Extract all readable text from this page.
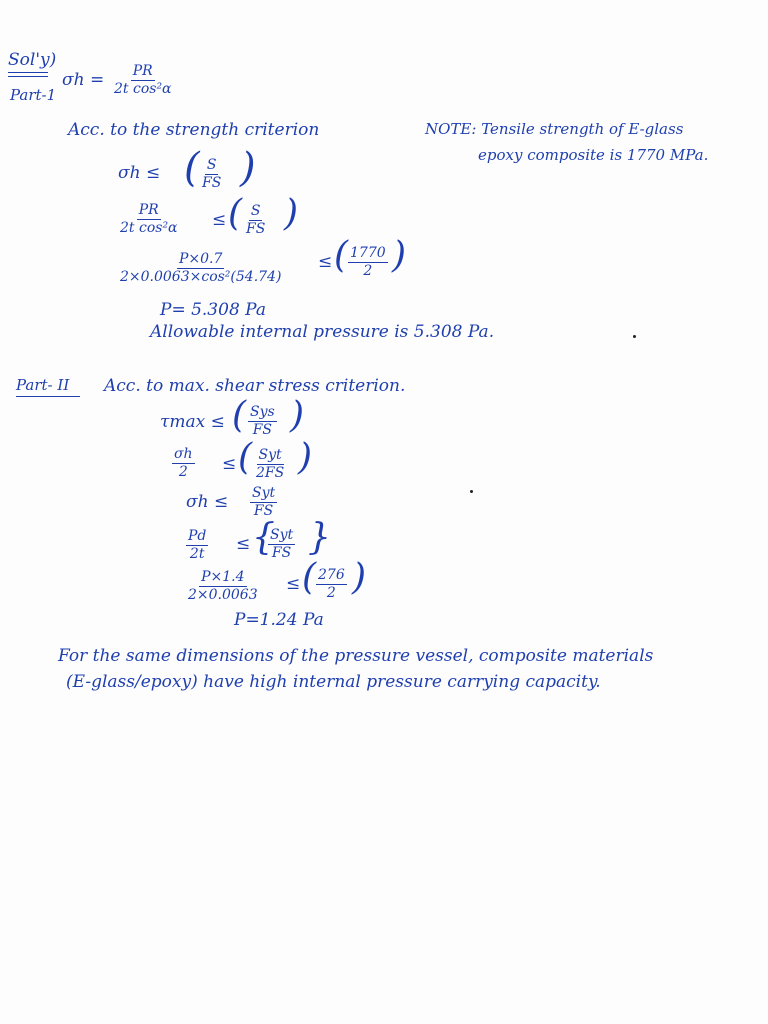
Sol'y)
Part-1
$\sigma h = \frac{PR}{\text{2t cos²α}}$
Acc. to the strength criterion	NOTE: Tensile strength of E-glass
epoxy composite is 1770 MPa.
σh ≤ ( $\frac{S}{FS}$ )
$\frac{PR}{\text{2t cos²α}}$ ≤ ( $\frac{S}{FS}$ )
$\frac{P\times 0.7}{\text{2×0.0063×cos²(54.74)}}$ ≤ ( $\frac{1770}{2}$ )
P= 5.308 Pa
Allowable internal pressure is 5.308 Pa.
Part- II Acc. to max. shear stress criterion.
τmax ≤ ( Sys
FS )
$\frac{\sigma h}{2}$ ≤ ( Syt
2FS )
σh ≤ Syt
FS
$\frac{Pd}{2t}$ ≤ {
Syt
FS }
$\frac{P\times 1.4}{2\times 0.0063}$ ≤ ( $\frac{276}{2}$ )
P=1.24 Pa
For the same dimensions of the pressure vessel, composite materials
(E-glass/epoxy) have high internal pressure carrying capacity.
